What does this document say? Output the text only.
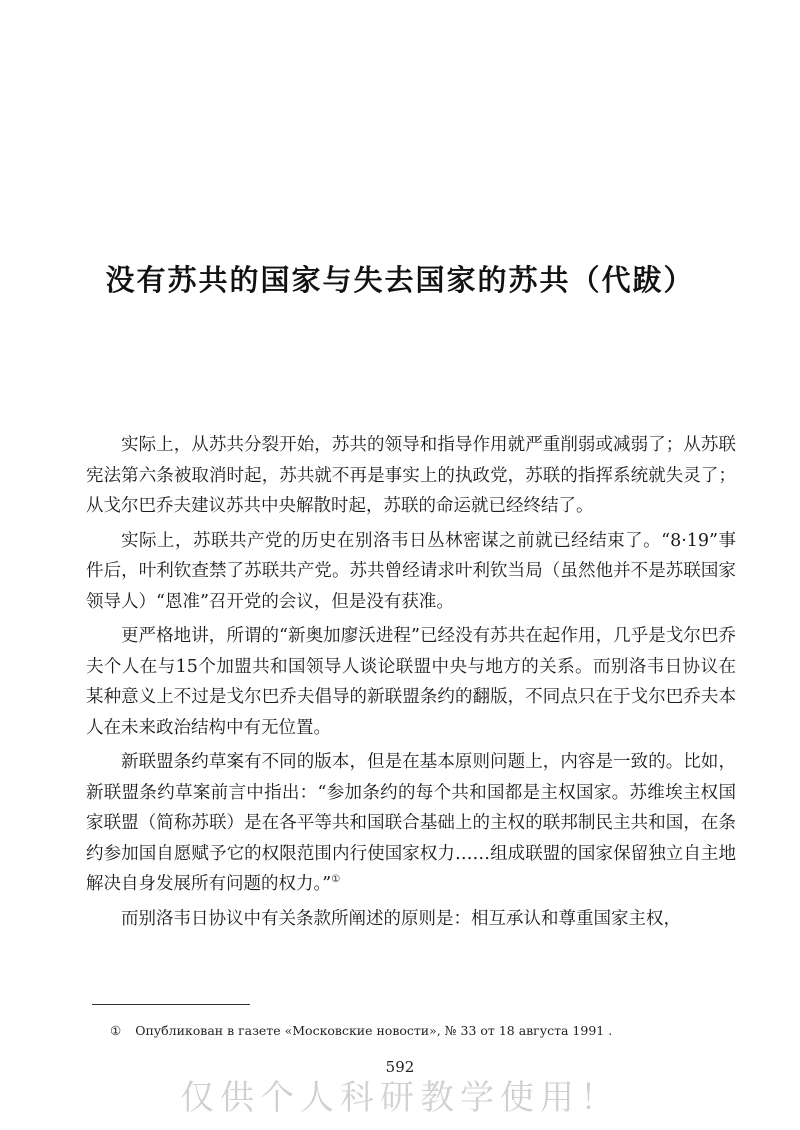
没有苏共的国家与失去国家的苏共（代跋）

实际上，从苏共分裂开始，苏共的领导和指导作用就严重削弱或减弱了；从苏联宪法第六条被取消时起，苏共就不再是事实上的执政党，苏联的指挥系统就失灵了；从戈尔巴乔夫建议苏共中央解散时起，苏联的命运就已经终结了。

实际上，苏联共产党的历史在别洛韦日丛林密谋之前就已经结束了。“8·19”事件后，叶利钦查禁了苏联共产党。苏共曾经请求叶利钦当局（虽然他并不是苏联国家领导人）“恩准”召开党的会议，但是没有获准。

更严格地讲，所谓的“新奥加廖沃进程”已经没有苏共在起作用，几乎是戈尔巴乔夫个人在与15个加盟共和国领导人谈论联盟中央与地方的关系。而别洛韦日协议在某种意义上不过是戈尔巴乔夫倡导的新联盟条约的翻版，不同点只在于戈尔巴乔夫本人在未来政治结构中有无位置。

新联盟条约草案有不同的版本，但是在基本原则问题上，内容是一致的。比如，新联盟条约草案前言中指出：“参加条约的每个共和国都是主权国家。苏维埃主权国家联盟（简称苏联）是在各平等共和国联合基础上的主权的联邦制民主共和国，在条约参加国自愿赋予它的权限范围内行使国家权力……组成联盟的国家保留独立自主地解决自身发展所有问题的权力。”①

而别洛韦日协议中有关条款所阐述的原则是：相互承认和尊重国家主权，

① Опубликован в газете «Московские новости», № 33 от 18 августа 1991 .
592
仅供个人科研教学使用！
